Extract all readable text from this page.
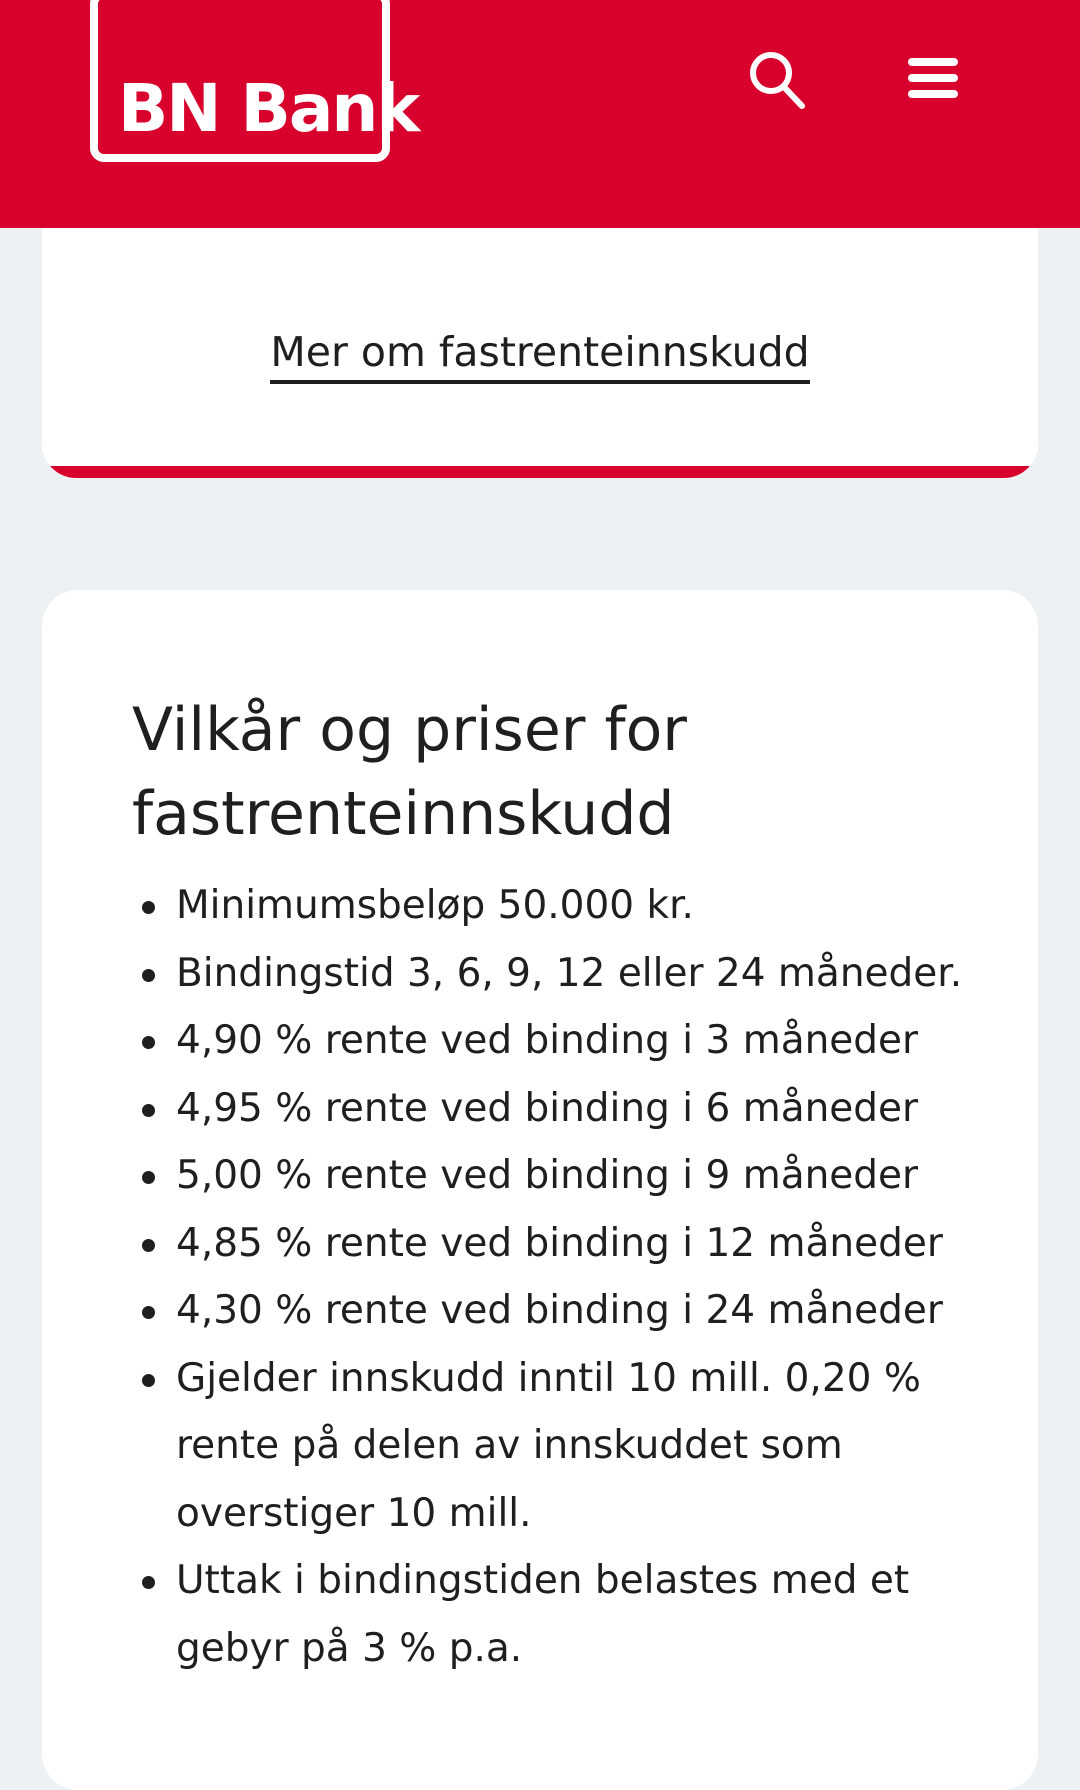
BN Bank
Mer om fastrenteinnskudd
Vilkår og priser for fastrenteinnskudd
Minimumsbeløp 50.000 kr.
Bindingstid 3, 6, 9, 12 eller 24 måneder.
4,90 % rente ved binding i 3 måneder
4,95 % rente ved binding i 6 måneder
5,00 % rente ved binding i 9 måneder
4,85 % rente ved binding i 12 måneder
4,30 % rente ved binding i 24 måneder
Gjelder innskudd inntil 10 mill. 0,20 % rente på delen av innskuddet som overstiger 10 mill.
Uttak i bindingstiden belastes med et gebyr på 3 % p.a.
